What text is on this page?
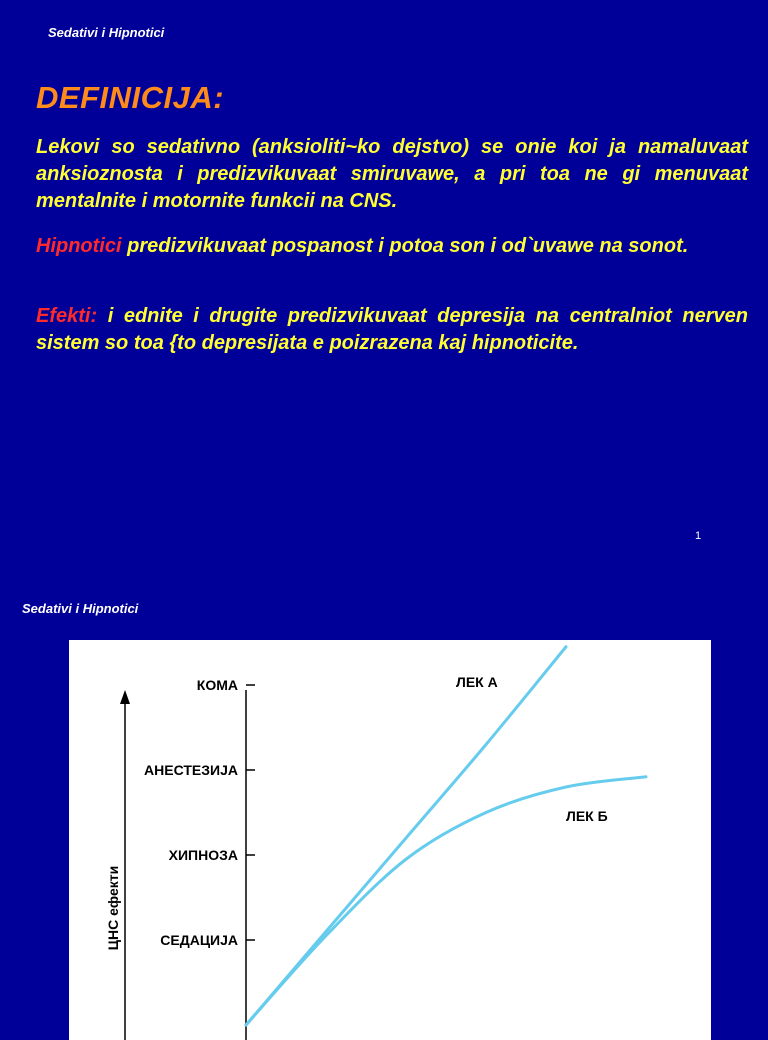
Sedativi i Hipnotici
DEFINICIJA:

Lekovi so sedativno (anksioliti~ko dejstvo) se onie koi ja namaluvaat anksioznosta i predizvikuvaat smiruvawe, a pri toa ne gi menuvaat mentalnite i motornite funkcii na CNS.

Hipnotici predizvikuvaat pospanost i potoa son i od`uvawe na sonot.

Efekti: i ednite i drugite predizvikuvaat depresija na centralniot nerven sistem so toa {to depresijata e poizrazena kaj hipnoticite.

1
Sedativi i Hipnotici
ЦНС ефекти	СЕДАЦИЈА
ХИПНОЗА
АНЕСТЕЗИЈА
КОМА	ЛЕК А
ЛЕК Б
